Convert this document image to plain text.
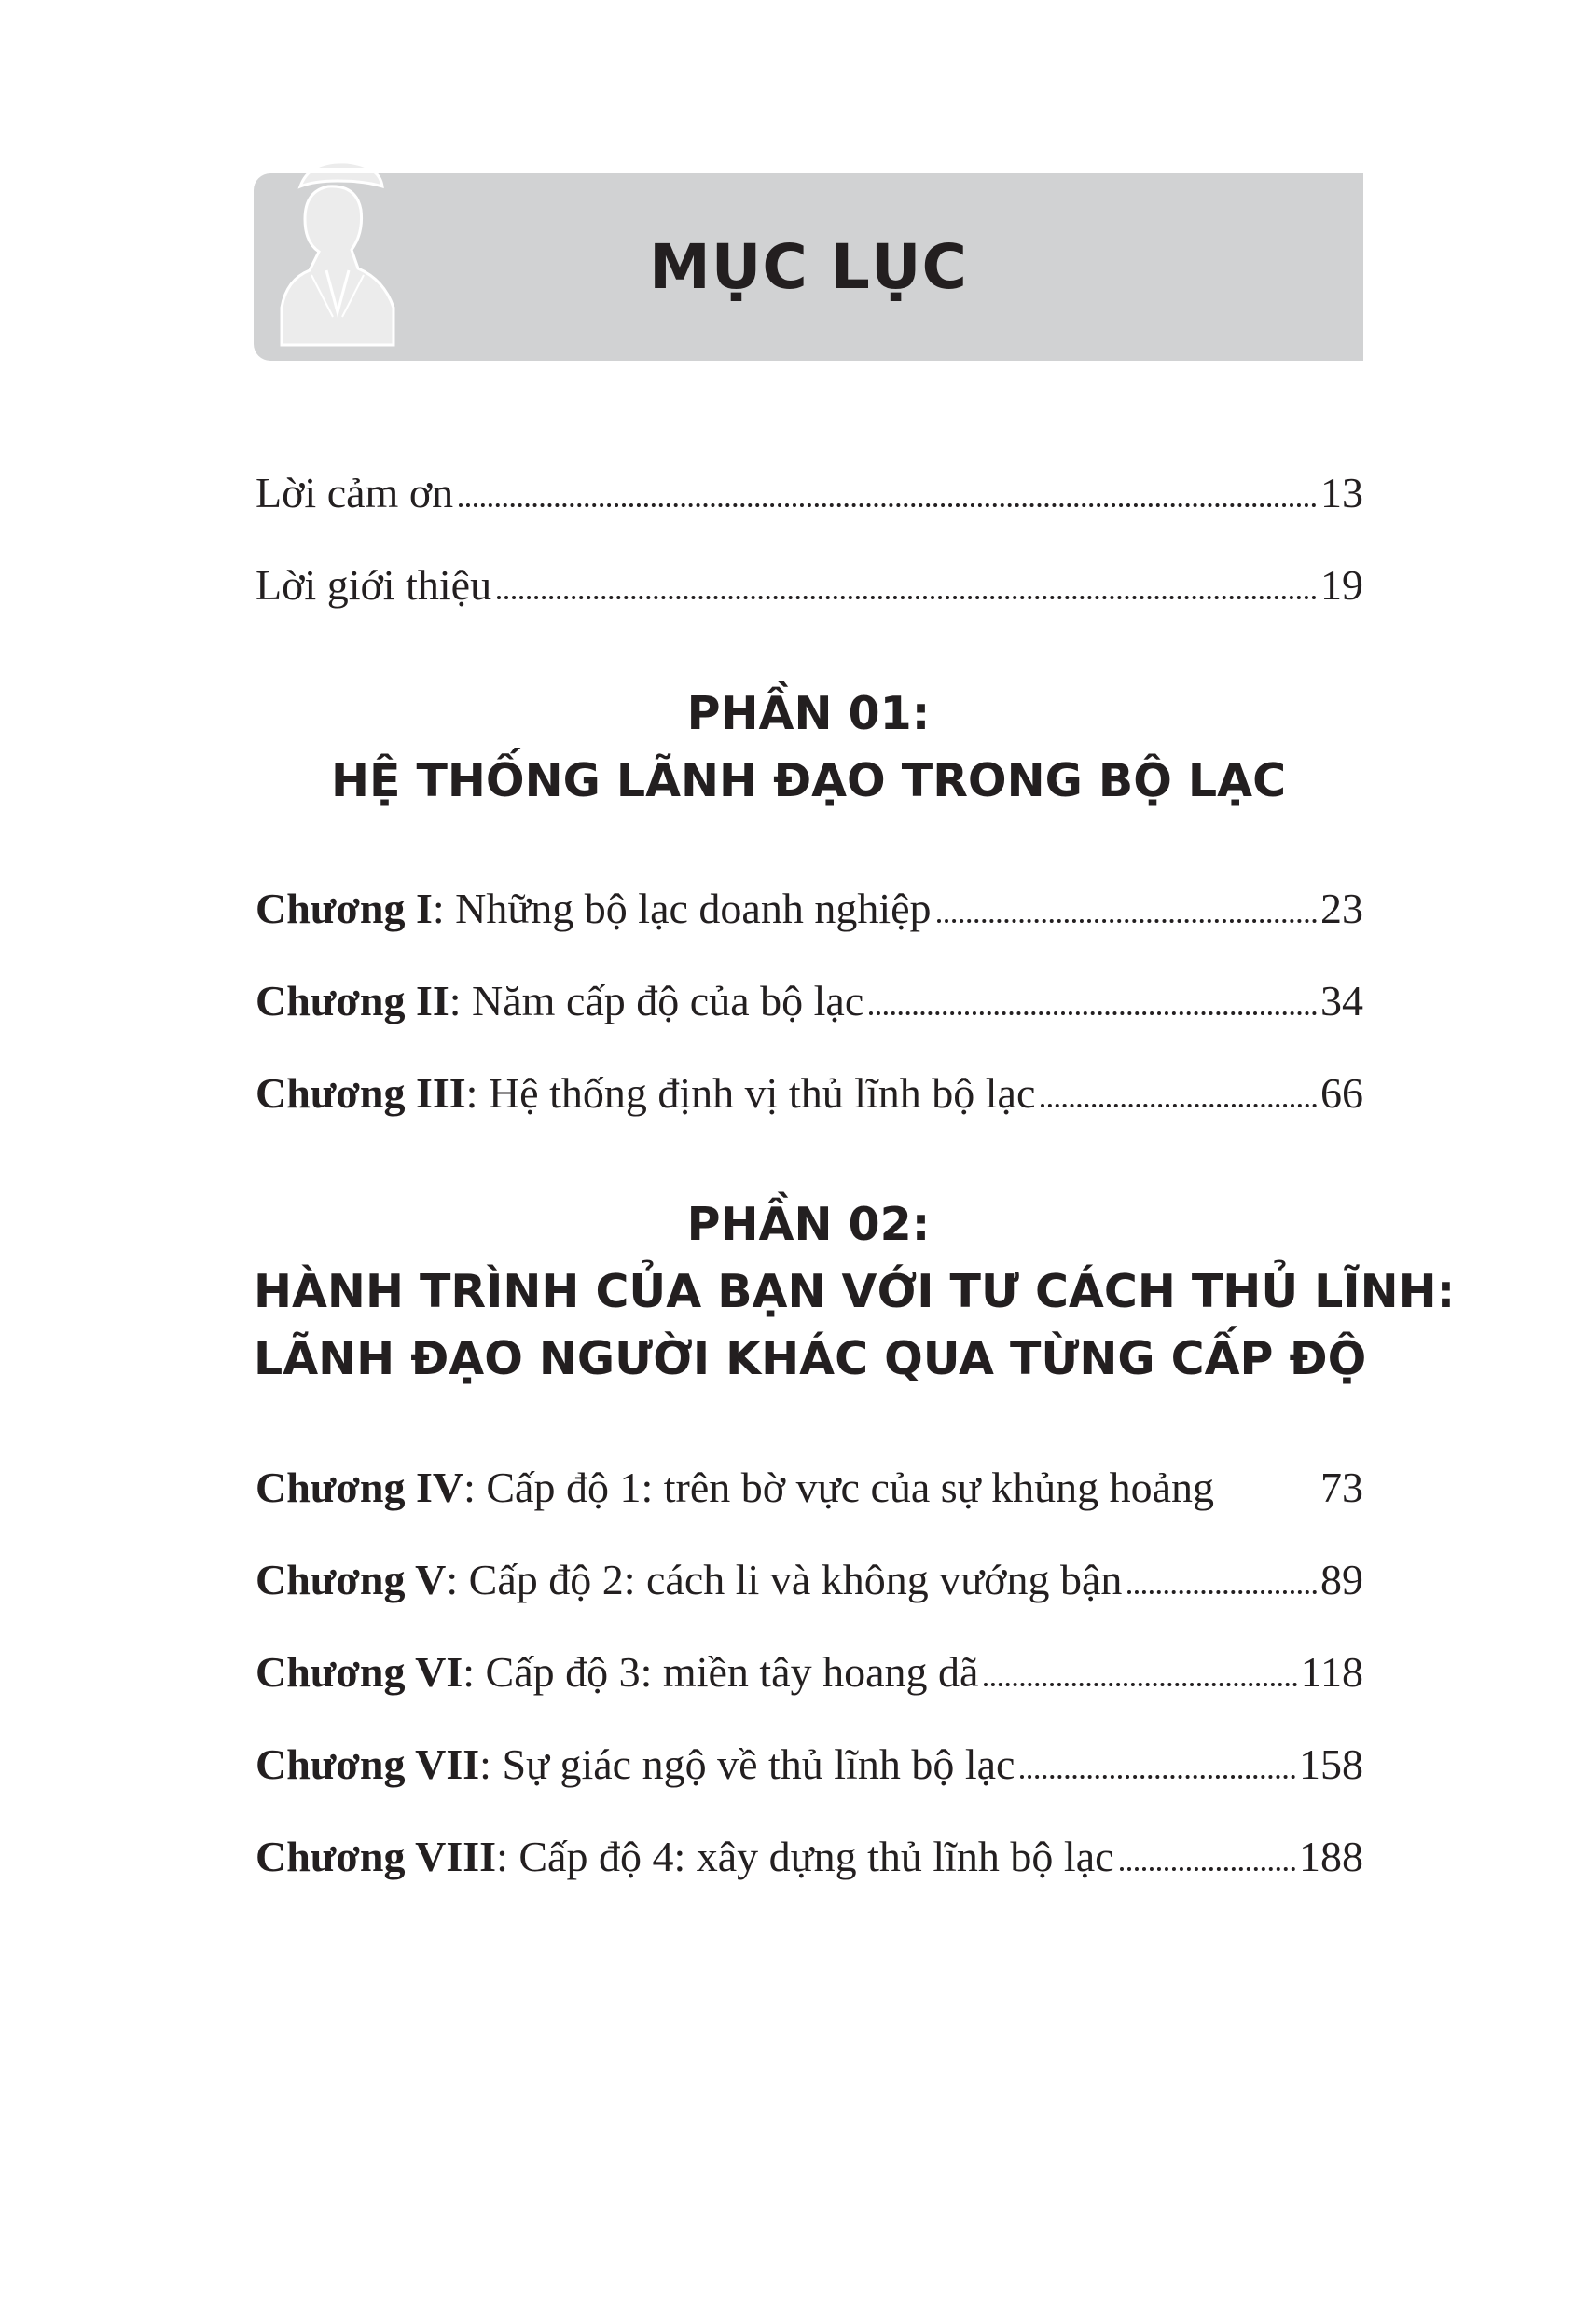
MỤC LỤC
Lời cảm ơn	13
Lời giới thiệu	19
PHẦN 01:
HỆ THỐNG LÃNH ĐẠO TRONG BỘ LẠC
Chương I: Những bộ lạc doanh nghiệp	23
Chương II: Năm cấp độ của bộ lạc	34
Chương III: Hệ thống định vị thủ lĩnh bộ lạc	66
PHẦN 02:
HÀNH TRÌNH CỦA BẠN VỚI TƯ CÁCH THỦ LĨNH:
LÃNH ĐẠO NGƯỜI KHÁC QUA TỪNG CẤP ĐỘ
Chương IV: Cấp độ 1: trên bờ vực của sự khủng hoảng 73
Chương V: Cấp độ 2: cách li và không vướng bận	89
Chương VI: Cấp độ 3: miền tây hoang dã	118
Chương VII: Sự giác ngộ về thủ lĩnh bộ lạc	158
Chương VIII: Cấp độ 4: xây dựng thủ lĩnh bộ lạc	188
